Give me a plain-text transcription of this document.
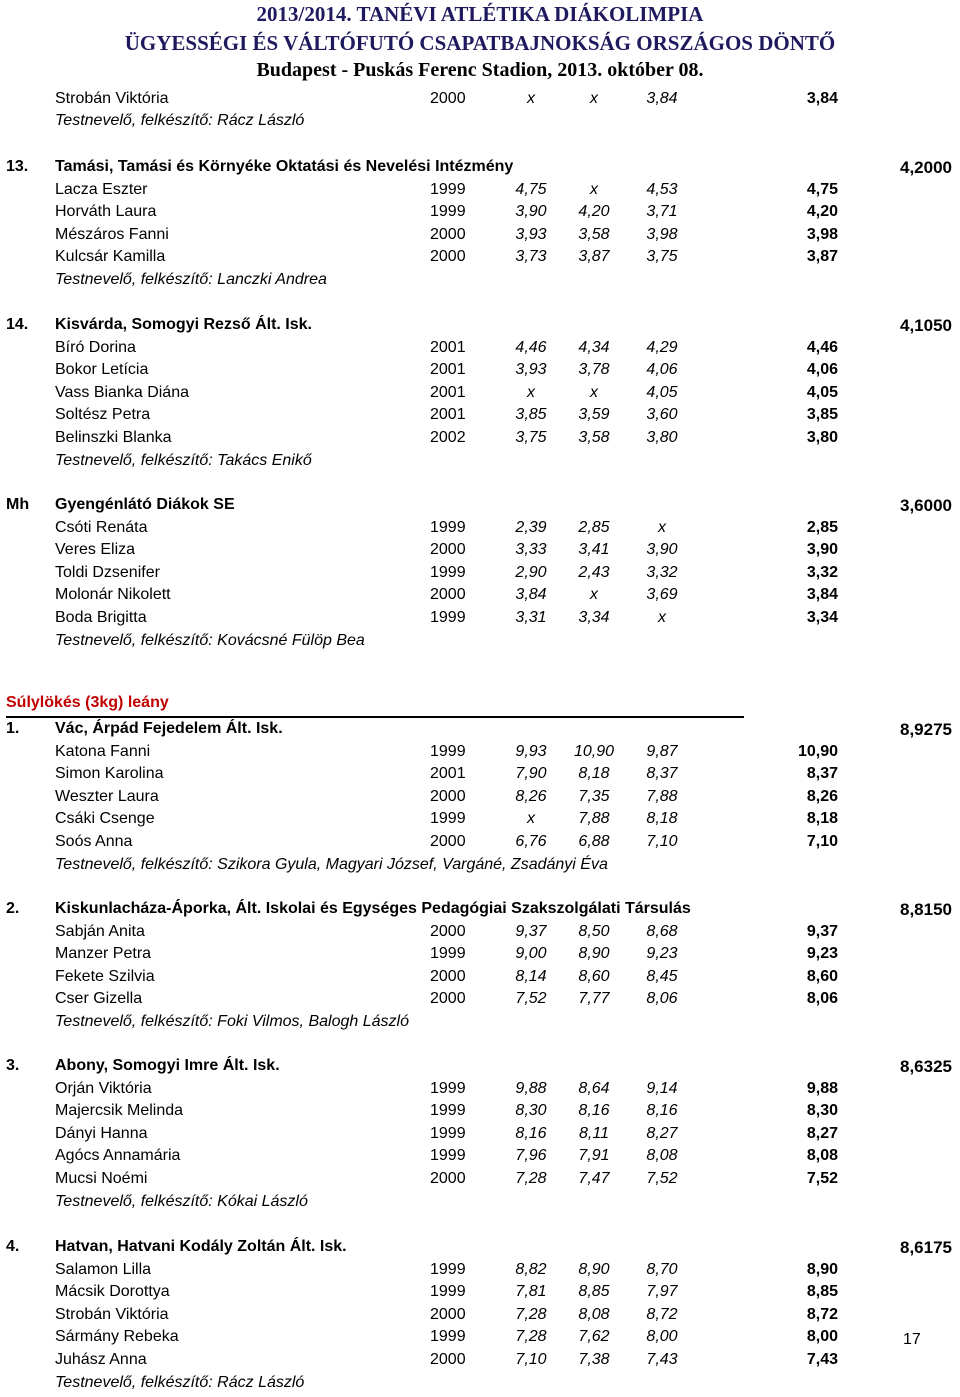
2013/2014. TANÉVI ATLÉTIKA DIÁKOLIMPIA
ÜGYESSÉGI ÉS VÁLTÓFUTÓ CSAPATBAJNOKSÁG ORSZÁGOS DÖNTŐ
Budapest - Puskás Ferenc Stadion, 2013. október 08.
Strobán Viktória	2000	x	x	3,84	3,84
Testnevelő, felkészítő: Rácz László
13. Tamási, Tamási és Környéke Oktatási és Nevelési Intézmény	4,2000
Lacza Eszter	1999	4,75	x	4,53	4,75
Horváth Laura	1999	3,90	4,20	3,71	4,20
Mészáros Fanni	2000	3,93	3,58	3,98	3,98
Kulcsár Kamilla	2000	3,73	3,87	3,75	3,87
Testnevelő, felkészítő: Lanczki Andrea
14. Kisvárda, Somogyi Rezső Ált. Isk.	4,1050
Bíró Dorina	2001	4,46	4,34	4,29	4,46
Bokor Letícia	2001	3,93	3,78	4,06	4,06
Vass Bianka Diána	2001	x	x	4,05	4,05
Soltész Petra	2001	3,85	3,59	3,60	3,85
Belinszki Blanka	2002	3,75	3,58	3,80	3,80
Testnevelő, felkészítő: Takács Enikő
Mh Gyengénlátó Diákok SE	3,6000
Csóti Renáta	1999	2,39	2,85	x	2,85
Veres Eliza	2000	3,33	3,41	3,90	3,90
Toldi Dzsenifer	1999	2,90	2,43	3,32	3,32
Molonár Nikolett	2000	3,84	x	3,69	3,84
Boda Brigitta	1999	3,31	3,34	x	3,34
Testnevelő, felkészítő: Kovácsné Fülöp Bea
Súlylökés (3kg) leány
1. Vác, Árpád Fejedelem Ált. Isk.	8,9275
Katona Fanni	1999	9,93	10,90	9,87	10,90
Simon Karolina	2001	7,90	8,18	8,37	8,37
Weszter Laura	2000	8,26	7,35	7,88	8,26
Csáki Csenge	1999	x	7,88	8,18	8,18
Soós Anna	2000	6,76	6,88	7,10	7,10
Testnevelő, felkészítő: Szikora Gyula, Magyari József, Vargáné, Zsadányi Éva
2. Kiskunlacháza-Áporka, Ált. Iskolai és Egységes Pedagógiai Szakszolgálati Társulás	8,8150
Sabján Anita	2000	9,37	8,50	8,68	9,37
Manzer Petra	1999	9,00	8,90	9,23	9,23
Fekete Szilvia	2000	8,14	8,60	8,45	8,60
Cser Gizella	2000	7,52	7,77	8,06	8,06
Testnevelő, felkészítő: Foki Vilmos, Balogh László
3. Abony, Somogyi Imre Ált. Isk.	8,6325
Orján Viktória	1999	9,88	8,64	9,14	9,88
Majercsik Melinda	1999	8,30	8,16	8,16	8,30
Dányi Hanna	1999	8,16	8,11	8,27	8,27
Agócs Annamária	1999	7,96	7,91	8,08	8,08
Mucsi Noémi	2000	7,28	7,47	7,52	7,52
Testnevelő, felkészítő: Kókai László
4. Hatvan, Hatvani Kodály Zoltán Ált. Isk.	8,6175
Salamon Lilla	1999	8,82	8,90	8,70	8,90
Mácsik Dorottya	1999	7,81	8,85	7,97	8,85
Strobán Viktória	2000	7,28	8,08	8,72	8,72
Sármány Rebeka	1999	7,28	7,62	8,00	8,00
Juhász Anna	2000	7,10	7,38	7,43	7,43
Testnevelő, felkészítő: Rácz László
17
